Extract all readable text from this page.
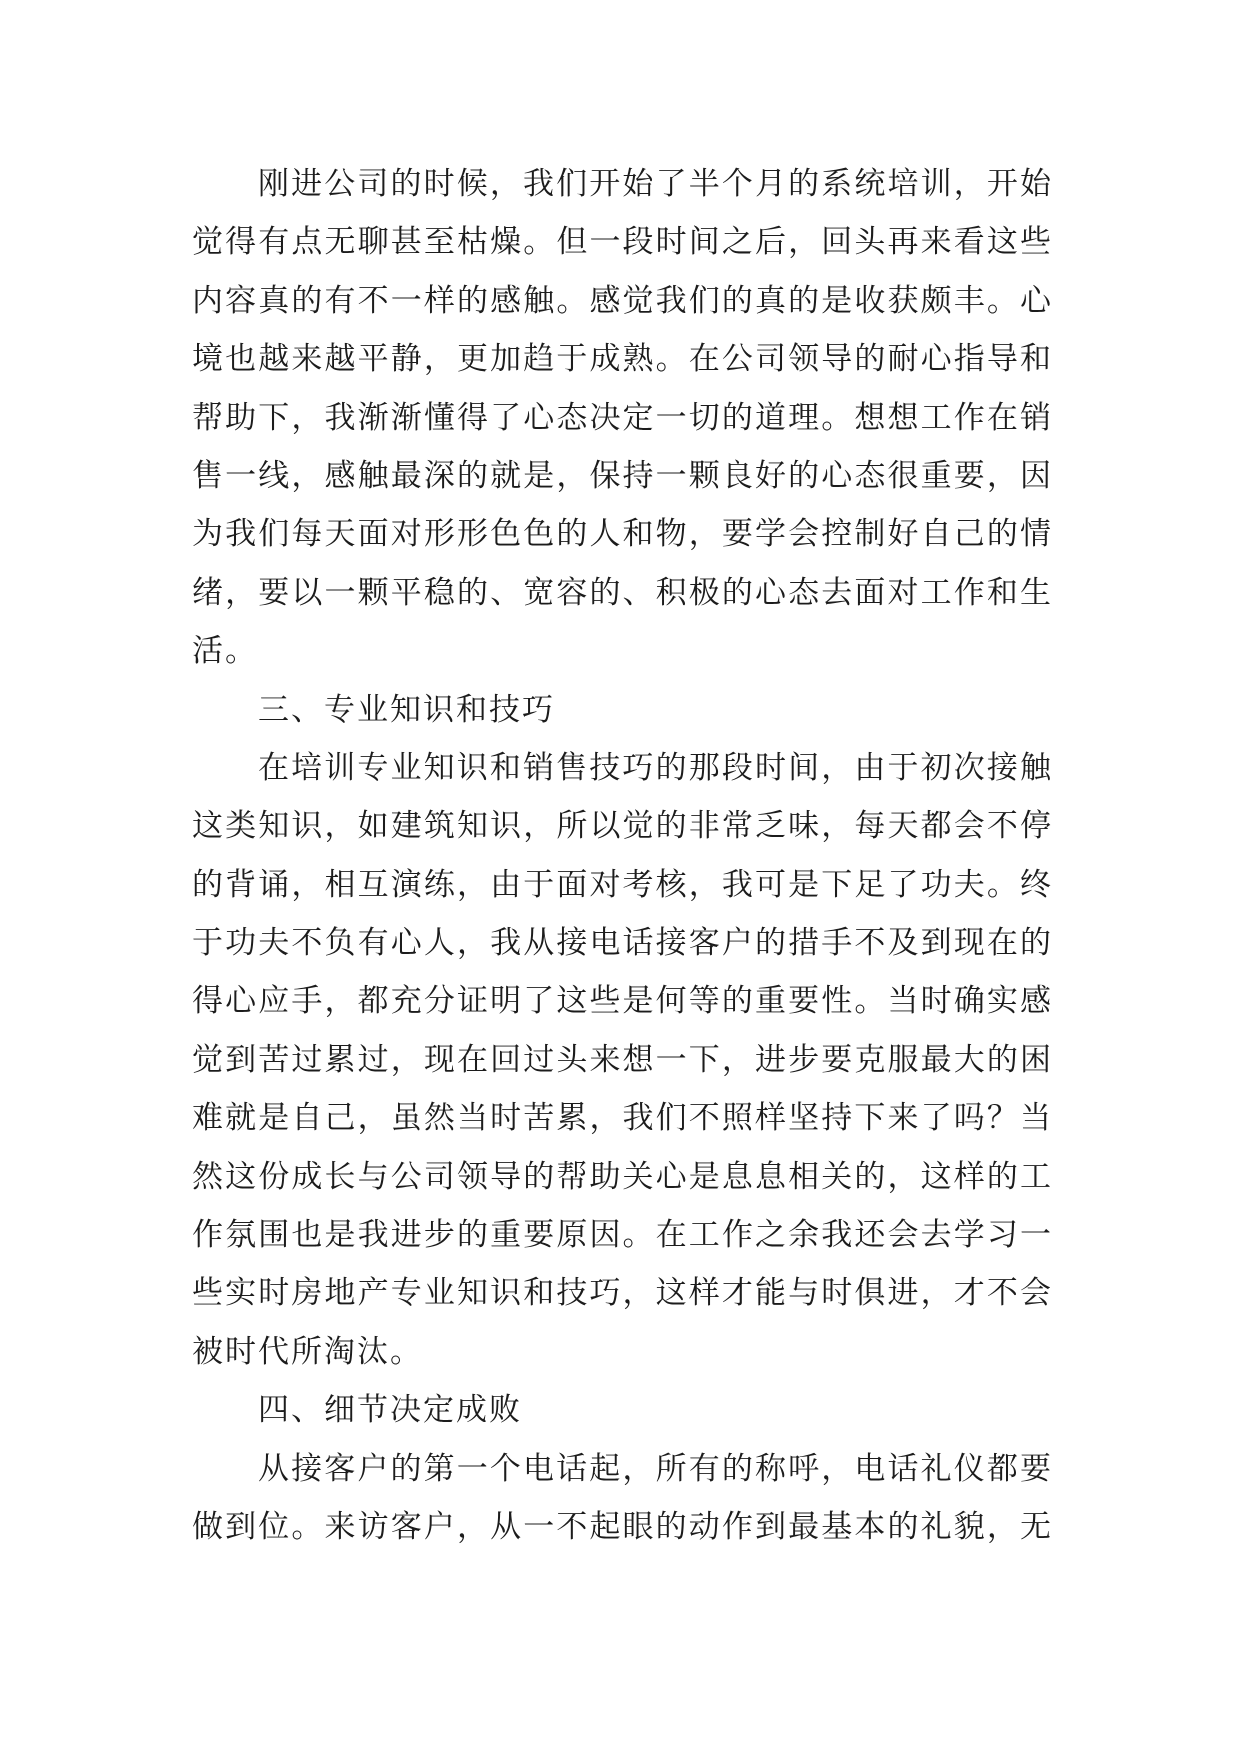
刚进公司的时候，我们开始了半个月的系统培训，开始
觉得有点无聊甚至枯燥。但一段时间之后，回头再来看这些
内容真的有不一样的感触。感觉我们的真的是收获颇丰。心
境也越来越平静，更加趋于成熟。在公司领导的耐心指导和
帮助下，我渐渐懂得了心态决定一切的道理。想想工作在销
售一线，感触最深的就是，保持一颗良好的心态很重要，因
为我们每天面对形形色色的人和物，要学会控制好自己的情
绪，要以一颗平稳的、宽容的、积极的心态去面对工作和生
活。
三、专业知识和技巧
在培训专业知识和销售技巧的那段时间，由于初次接触
这类知识，如建筑知识，所以觉的非常乏味，每天都会不停
的背诵，相互演练，由于面对考核，我可是下足了功夫。终
于功夫不负有心人，我从接电话接客户的措手不及到现在的
得心应手，都充分证明了这些是何等的重要性。当时确实感
觉到苦过累过，现在回过头来想一下，进步要克服最大的困
难就是自己，虽然当时苦累，我们不照样坚持下来了吗？当
然这份成长与公司领导的帮助关心是息息相关的，这样的工
作氛围也是我进步的重要原因。在工作之余我还会去学习一
些实时房地产专业知识和技巧，这样才能与时俱进，才不会
被时代所淘汰。
四、细节决定成败
从接客户的第一个电话起，所有的称呼，电话礼仪都要
做到位。来访客户，从一不起眼的动作到最基本的礼貌，无
